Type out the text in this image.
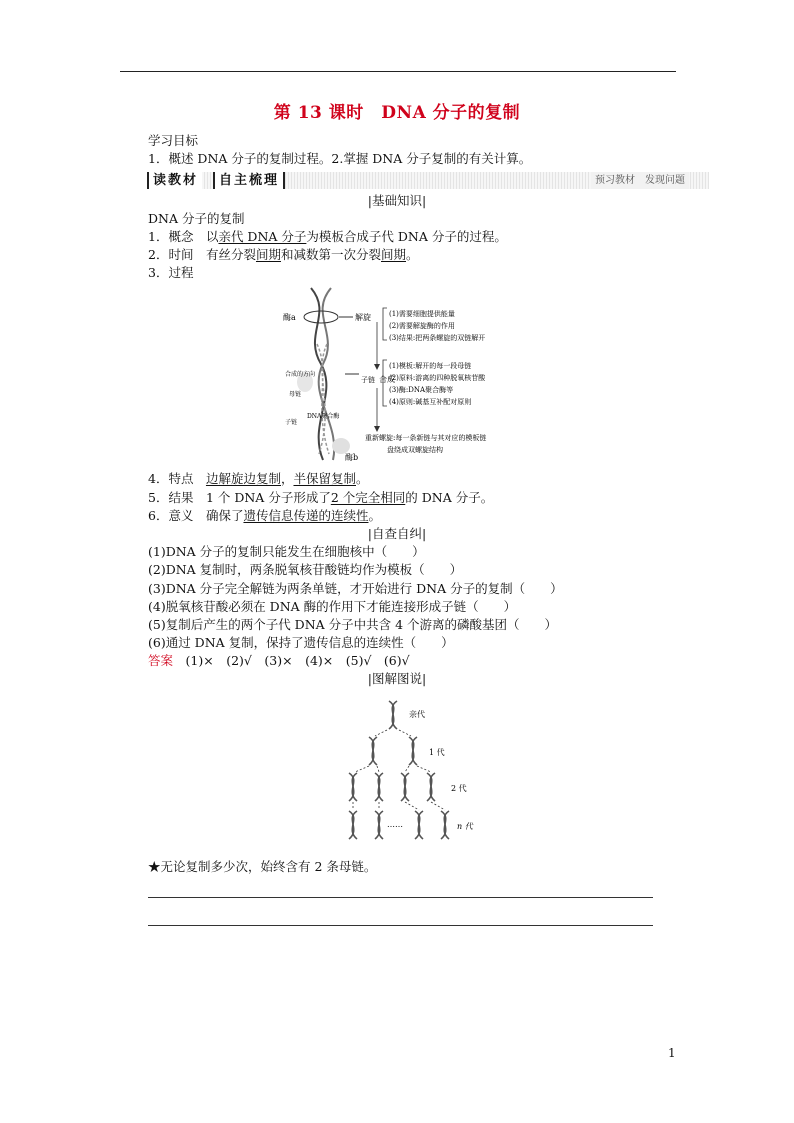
第 13 课时　DNA 分子的复制
学习目标
1．概述 DNA 分子的复制过程。2.掌握 DNA 分子复制的有关计算。
读教材	自主梳理	预习教材　发现问题
|基础知识|
DNA 分子的复制
1．概念　以亲代 DNA 分子为模板合成子代 DNA 分子的过程。
2．时间　有丝分裂间期和减数第一次分裂间期。
3．过程
酶a
酶b
合成的方向
母链
子链
DNA聚合酶
解旋
子链 合成
(1)需要细胞提供能量
(2)需要解旋酶的作用
(3)结果:把两条螺旋的双链解开
(1)模板:解开的每一段母链
(2)原料:游离的四种脱氧核苷酸
(3)酶:DNA聚合酶等
(4)原则:碱基互补配对原则
重新螺旋:每一条新链与其对应的模板链
盘绕成双螺旋结构
4．特点　边解旋边复制，半保留复制。
5．结果　1 个 DNA 分子形成了2 个完全相同的 DNA 分子。
6．意义　确保了遗传信息传递的连续性。
|自查自纠|
(1)DNA 分子的复制只能发生在细胞核中（　　）
(2)DNA 复制时，两条脱氧核苷酸链均作为模板（　　）
(3)DNA 分子完全解链为两条单链，才开始进行 DNA 分子的复制（　　）
(4)脱氧核苷酸必须在 DNA 酶的作用下才能连接形成子链（　　）
(5)复制后产生的两个子代 DNA 分子中共含 4 个游离的磷酸基团（　　）
(6)通过 DNA 复制，保持了遗传信息的连续性（　　）
答案　 (1)×　(2)√　(3)×　(4)×　(5)√　(6)√
|图解图说|
亲代
1 代
2 代
n 代
……
★无论复制多少次，始终含有 2 条母链。
1
